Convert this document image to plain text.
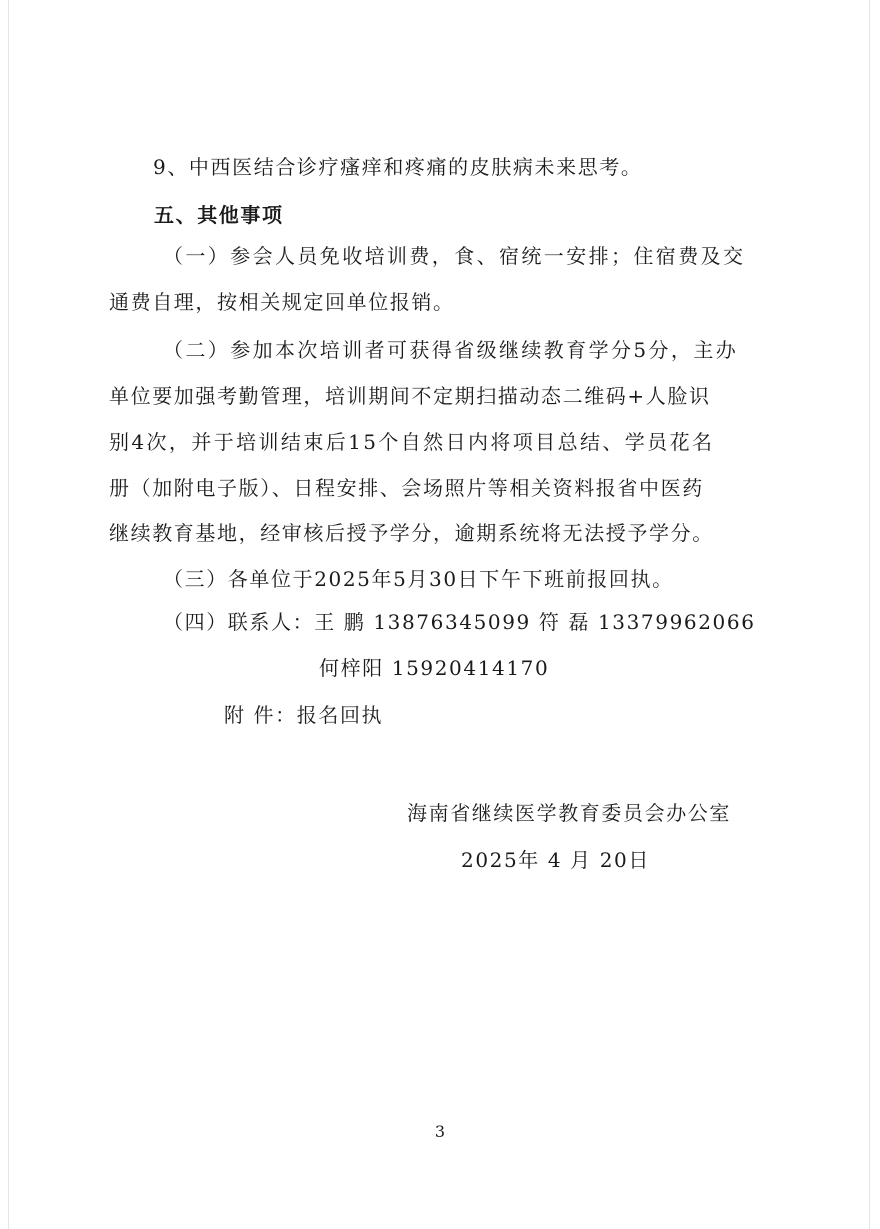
9、中西医结合诊疗瘙痒和疼痛的皮肤病未来思考。
五、其他事项
（一）参会人员免收培训费，食、宿统一安排；住宿费及交
通费自理，按相关规定回单位报销。
（二）参加本次培训者可获得省级继续教育学分5分，主办
单位要加强考勤管理，培训期间不定期扫描动态二维码+人脸识
别4次，并于培训结束后15个自然日内将项目总结、学员花名
册（加附电子版）、日程安排、会场照片等相关资料报省中医药
继续教育基地，经审核后授予学分，逾期系统将无法授予学分。
（三）各单位于2025年5月30日下午下班前报回执。
（四）联系人：王 鹏 13876345099 符 磊 13379962066
何梓阳 15920414170
附 件：报名回执
海南省继续医学教育委员会办公室
2025年 4 月 20日
3
